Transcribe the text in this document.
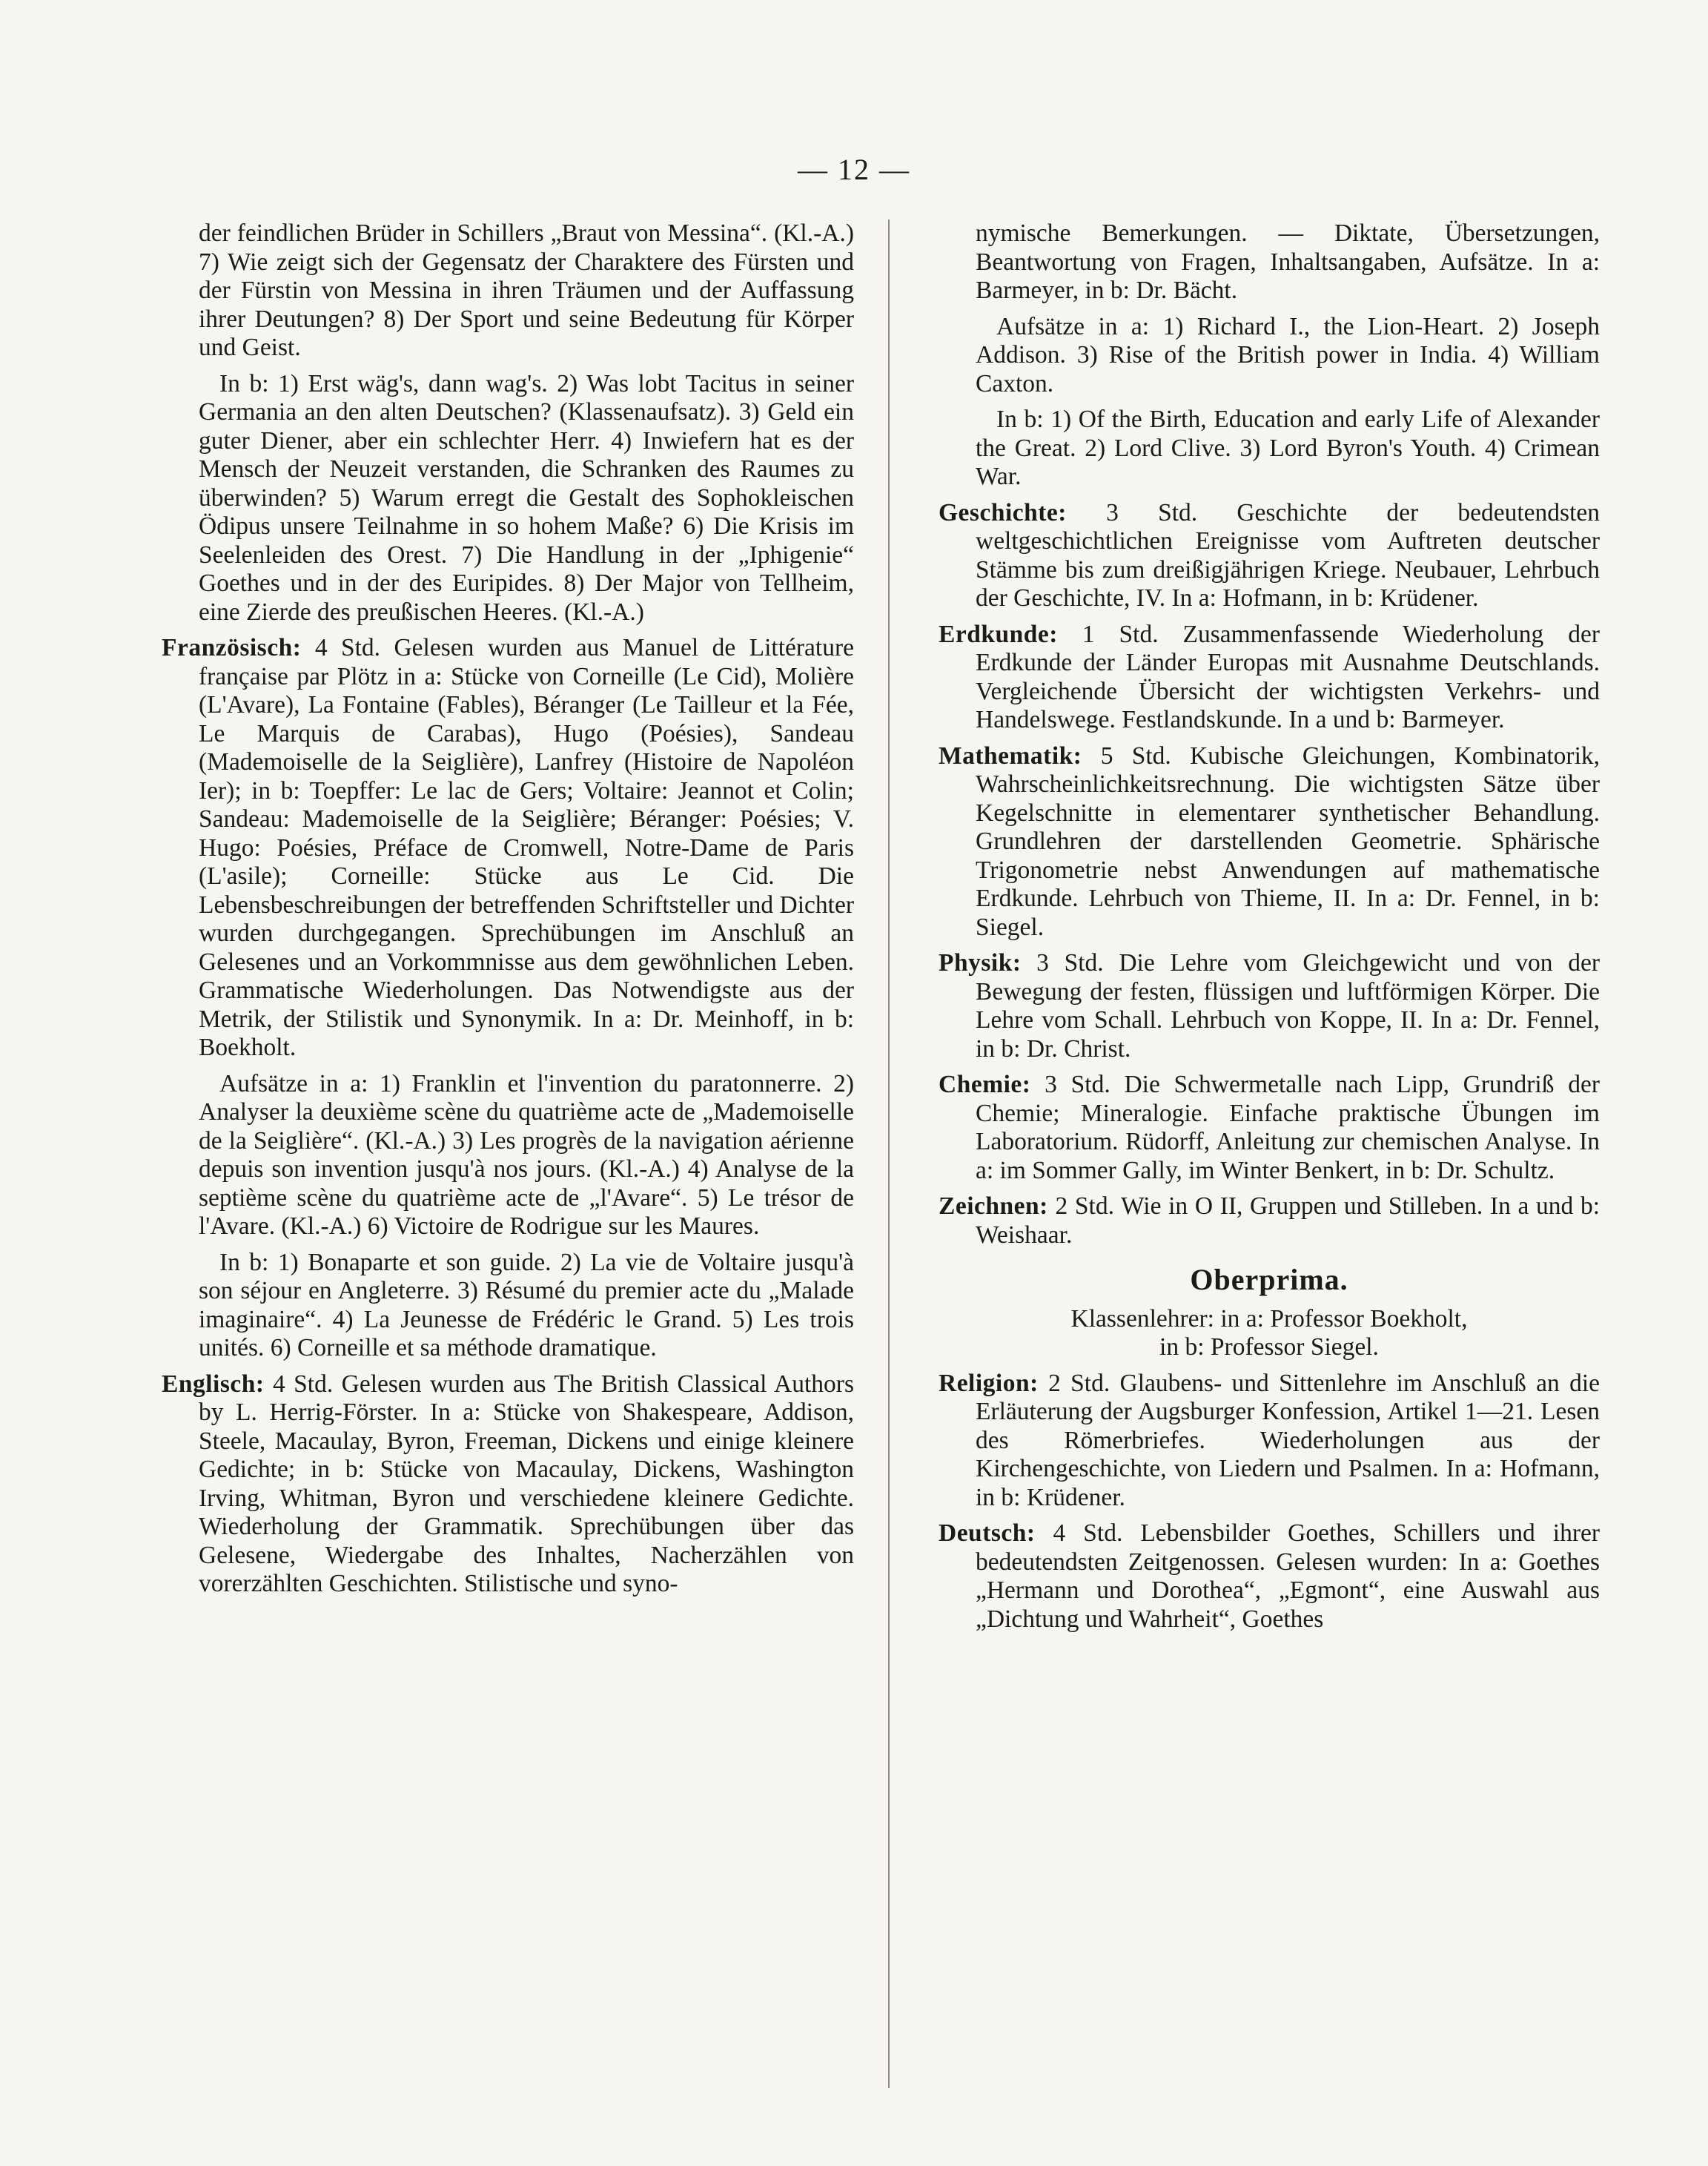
— 12 —

der feindlichen Brüder in Schillers „Braut von Messina“. (Kl.-A.) 7) Wie zeigt sich der Gegensatz der Charaktere des Fürsten und der Fürstin von Messina in ihren Träumen und der Auffassung ihrer Deutungen? 8) Der Sport und seine Bedeutung für Körper und Geist.

In b: 1) Erst wäg's, dann wag's. 2) Was lobt Tacitus in seiner Germania an den alten Deutschen? (Klassenaufsatz). 3) Geld ein guter Diener, aber ein schlechter Herr. 4) Inwiefern hat es der Mensch der Neuzeit verstanden, die Schranken des Raumes zu überwinden? 5) Warum erregt die Gestalt des Sophokleischen Ödipus unsere Teilnahme in so hohem Maße? 6) Die Krisis im Seelenleiden des Orest. 7) Die Handlung in der „Iphigenie“ Goethes und in der des Euripides. 8) Der Major von Tellheim, eine Zierde des preußischen Heeres. (Kl.-A.)

Französisch: 4 Std. Gelesen wurden aus Manuel de Littérature française par Plötz in a: Stücke von Corneille (Le Cid), Molière (L'Avare), La Fontaine (Fables), Béranger (Le Tailleur et la Fée, Le Marquis de Carabas), Hugo (Poésies), Sandeau (Mademoiselle de la Seiglière), Lanfrey (Histoire de Napoléon Ier); in b: Toepffer: Le lac de Gers; Voltaire: Jeannot et Colin; Sandeau: Mademoiselle de la Seiglière; Béranger: Poésies; V. Hugo: Poésies, Préface de Cromwell, Notre-Dame de Paris (L'asile); Corneille: Stücke aus Le Cid. Die Lebensbeschreibungen der betreffenden Schriftsteller und Dichter wurden durchgegangen. Sprechübungen im Anschluß an Gelesenes und an Vorkommnisse aus dem gewöhnlichen Leben. Grammatische Wiederholungen. Das Notwendigste aus der Metrik, der Stilistik und Synonymik. In a: Dr. Meinhoff, in b: Boekholt.

Aufsätze in a: 1) Franklin et l'invention du paratonnerre. 2) Analyser la deuxième scène du quatrième acte de „Mademoiselle de la Seiglière“. (Kl.-A.) 3) Les progrès de la navigation aérienne depuis son invention jusqu'à nos jours. (Kl.-A.) 4) Analyse de la septième scène du quatrième acte de „l'Avare“. 5) Le trésor de l'Avare. (Kl.-A.) 6) Victoire de Rodrigue sur les Maures.

In b: 1) Bonaparte et son guide. 2) La vie de Voltaire jusqu'à son séjour en Angleterre. 3) Résumé du premier acte du „Malade imaginaire“. 4) La Jeunesse de Frédéric le Grand. 5) Les trois unités. 6) Corneille et sa méthode dramatique.

Englisch: 4 Std. Gelesen wurden aus The British Classical Authors by L. Herrig-Förster. In a: Stücke von Shakespeare, Addison, Steele, Macaulay, Byron, Freeman, Dickens und einige kleinere Gedichte; in b: Stücke von Macaulay, Dickens, Washington Irving, Whitman, Byron und verschiedene kleinere Gedichte. Wiederholung der Grammatik. Sprechübungen über das Gelesene, Wiedergabe des Inhaltes, Nacherzählen von vorerzählten Geschichten. Stilistische und syno-

nymische Bemerkungen. — Diktate, Übersetzungen, Beantwortung von Fragen, Inhaltsangaben, Aufsätze. In a: Barmeyer, in b: Dr. Bächt.

Aufsätze in a: 1) Richard I., the Lion-Heart. 2) Joseph Addison. 3) Rise of the British power in India. 4) William Caxton.

In b: 1) Of the Birth, Education and early Life of Alexander the Great. 2) Lord Clive. 3) Lord Byron's Youth. 4) Crimean War.

Geschichte: 3 Std. Geschichte der bedeutendsten weltgeschichtlichen Ereignisse vom Auftreten deutscher Stämme bis zum dreißigjährigen Kriege. Neubauer, Lehrbuch der Geschichte, IV. In a: Hofmann, in b: Krüdener.

Erdkunde: 1 Std. Zusammenfassende Wiederholung der Erdkunde der Länder Europas mit Ausnahme Deutschlands. Vergleichende Übersicht der wichtigsten Verkehrs- und Handelswege. Festlandskunde. In a und b: Barmeyer.

Mathematik: 5 Std. Kubische Gleichungen, Kombinatorik, Wahrscheinlichkeitsrechnung. Die wichtigsten Sätze über Kegelschnitte in elementarer synthetischer Behandlung. Grundlehren der darstellenden Geometrie. Sphärische Trigonometrie nebst Anwendungen auf mathematische Erdkunde. Lehrbuch von Thieme, II. In a: Dr. Fennel, in b: Siegel.

Physik: 3 Std. Die Lehre vom Gleichgewicht und von der Bewegung der festen, flüssigen und luftförmigen Körper. Die Lehre vom Schall. Lehrbuch von Koppe, II. In a: Dr. Fennel, in b: Dr. Christ.

Chemie: 3 Std. Die Schwermetalle nach Lipp, Grundriß der Chemie; Mineralogie. Einfache praktische Übungen im Laboratorium. Rüdorff, Anleitung zur chemischen Analyse. In a: im Sommer Gally, im Winter Benkert, in b: Dr. Schultz.

Zeichnen: 2 Std. Wie in O II, Gruppen und Stilleben. In a und b: Weishaar.

Oberprima.

Klassenlehrer: in a: Professor Boekholt,

in b: Professor Siegel.

Religion: 2 Std. Glaubens- und Sittenlehre im Anschluß an die Erläuterung der Augsburger Konfession, Artikel 1—21. Lesen des Römerbriefes. Wiederholungen aus der Kirchengeschichte, von Liedern und Psalmen. In a: Hofmann, in b: Krüdener.

Deutsch: 4 Std. Lebensbilder Goethes, Schillers und ihrer bedeutendsten Zeitgenossen. Gelesen wurden: In a: Goethes „Hermann und Dorothea“, „Egmont“, eine Auswahl aus „Dichtung und Wahrheit“, Goethes
